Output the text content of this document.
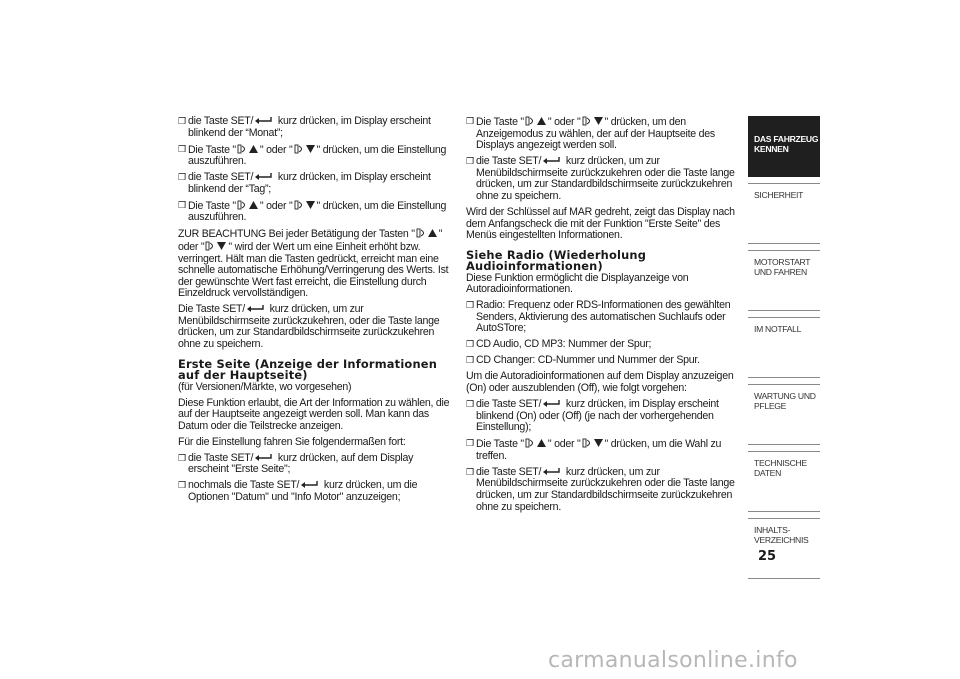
❒ die Taste SET/
kurz drücken, im Display erscheint blinkend der “Monat”;
❒ Die Taste " " oder " " drücken, um die Einstellung auszuführen.
❒ die Taste SET/
kurz drücken, im Display erscheint blinkend der “Tag”;
❒ Die Taste " " oder " " drücken, um die Einstellung auszuführen.
ZUR BEACHTUNG Bei jeder Betätigung der Tasten " " oder " " wird der Wert um eine Einheit erhöht bzw. verringert. Hält man die Tasten gedrückt, erreicht man eine schnelle automatische Erhöhung/Verringerung des Werts. Ist der gewünschte Wert fast erreicht, die Einstellung durch Einzeldruck vervollständigen.
Die Taste SET/
kurz drücken, um zur Menübildschirmseite zurückzukehren, oder die Taste lange drücken, um zur Standardbildschirmseite zurückzukehren ohne zu speichern.
Erste Seite (Anzeige der Informationen auf der Hauptseite)
(für Versionen/Märkte, wo vorgesehen)
Diese Funktion erlaubt, die Art der Information zu wählen, die auf der Hauptseite angezeigt werden soll. Man kann das Datum oder die Teilstrecke anzeigen.
Für die Einstellung fahren Sie folgendermaßen fort:
❒ die Taste SET/
kurz drücken, auf dem Display erscheint "Erste Seite";
❒ nochmals die Taste SET/
kurz drücken, um die Optionen "Datum" und "Info Motor" anzuzeigen;
❒ Die Taste " " oder " " drücken, um den Anzeigemodus zu wählen, der auf der Hauptseite des Displays angezeigt werden soll.
❒ die Taste SET/
kurz drücken, um zur Menübildschirmseite zurückzukehren oder die Taste lange drücken, um zur Standardbildschirmseite zurückzukehren ohne zu speichern.
Wird der Schlüssel auf MAR gedreht, zeigt das Display nach dem Anfangscheck die mit der Funktion "Erste Seite" des Menüs eingestellten Informationen.
Siehe Radio (Wiederholung Audioinformationen)
Diese Funktion ermöglicht die Displayanzeige von Autoradioinformationen.
❒ Radio: Frequenz oder RDS-Informationen des gewählten Senders, Aktivierung des automatischen Suchlaufs oder AutoSTore;
❒ CD Audio, CD MP3: Nummer der Spur;
❒ CD Changer: CD-Nummer und Nummer der Spur.
Um die Autoradioinformationen auf dem Display anzuzeigen (On) oder auszublenden (Off), wie folgt vorgehen:
❒ die Taste SET/
kurz drücken, im Display erscheint blinkend (On) oder (Off) (je nach der vorhergehenden Einstellung);
❒ Die Taste " " oder " " drücken, um die Wahl zu treffen.
❒ die Taste SET/
kurz drücken, um zur Menübildschirmseite zurückzukehren oder die Taste lange drücken, um zur Standardbildschirmseite zurückzukehren ohne zu speichern.
DAS FAHRZEUG KENNEN
SICHERHEIT
MOTORSTART UND FAHREN
IM NOTFALL
WARTUNG UND PFLEGE
TECHNISCHE DATEN
INHALTS-VERZEICHNIS
25
carmanualsonline.info
